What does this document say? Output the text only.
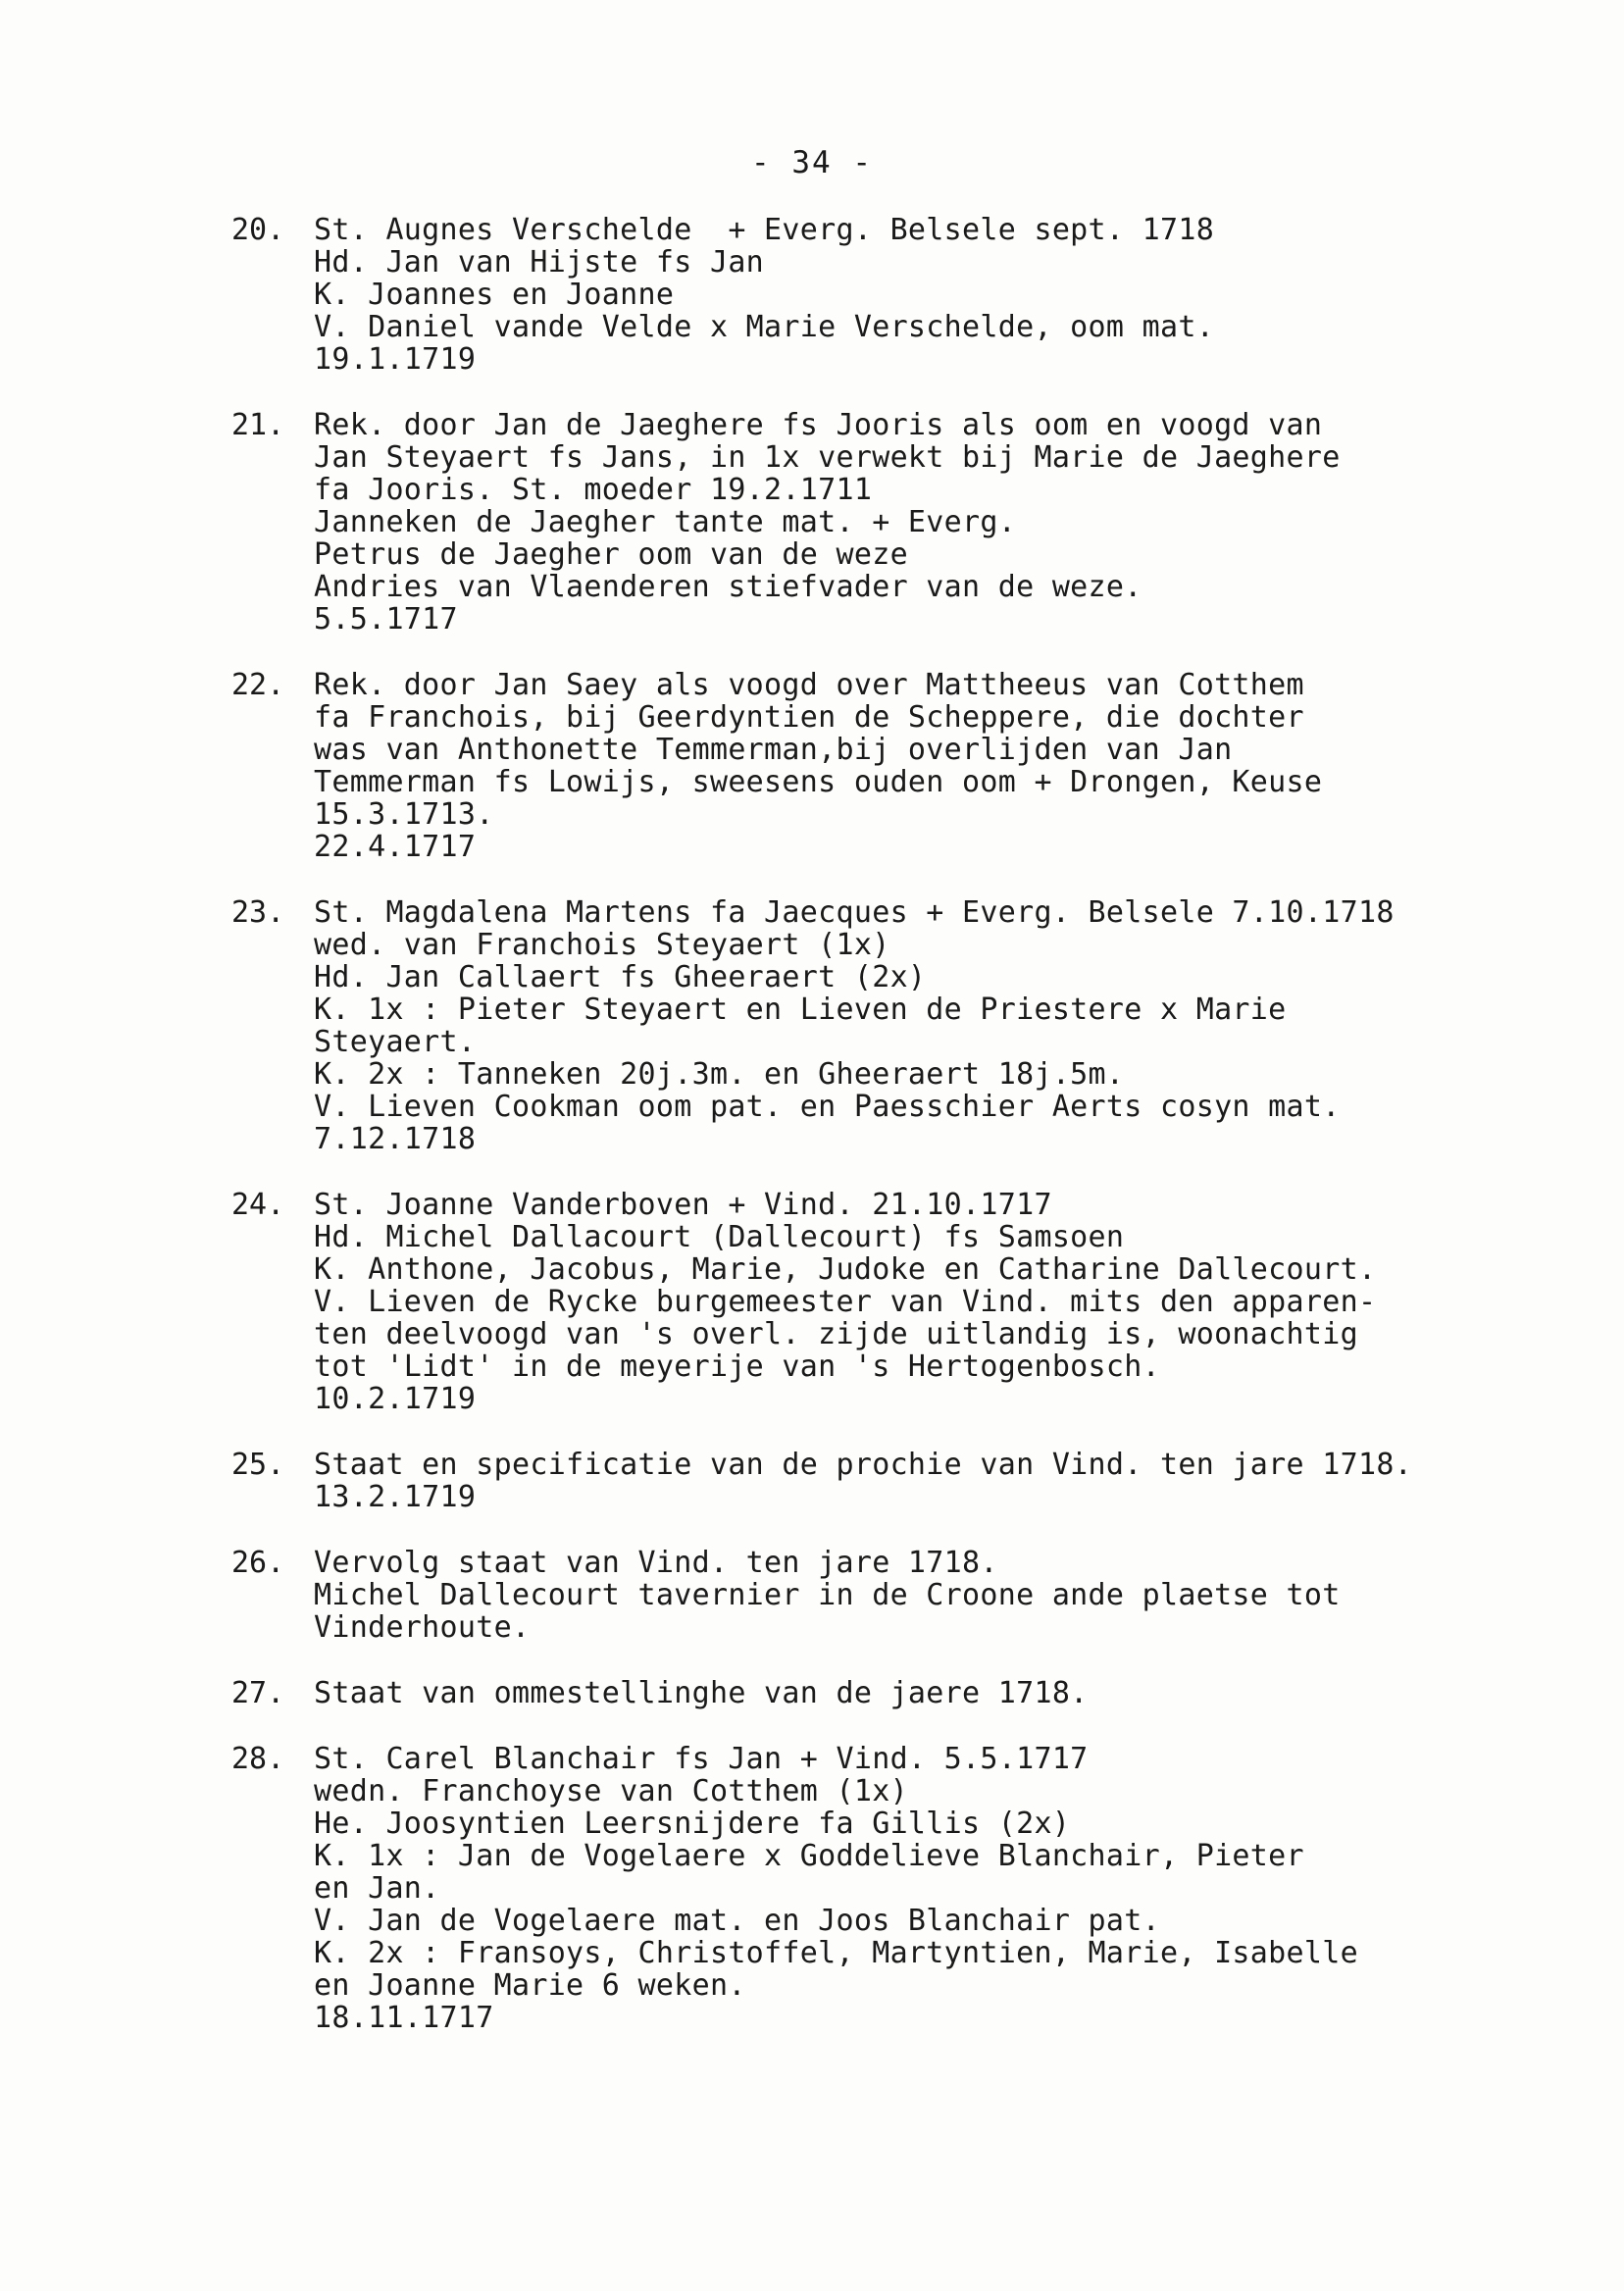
- 34 -
20. St. Augnes Verschelde  + Everg. Belsele sept. 1718
Hd. Jan van Hijste fs Jan
K. Joannes en Joanne
V. Daniel vande Velde x Marie Verschelde, oom mat.
19.1.1719
21. Rek. door Jan de Jaeghere fs Jooris als oom en voogd van
Jan Steyaert fs Jans, in 1x verwekt bij Marie de Jaeghere
fa Jooris. St. moeder 19.2.1711
Janneken de Jaegher tante mat. + Everg.
Petrus de Jaegher oom van de weze
Andries van Vlaenderen stiefvader van de weze.
5.5.1717
22. Rek. door Jan Saey als voogd over Mattheeus van Cotthem
fa Franchois, bij Geerdyntien de Scheppere, die dochter
was van Anthonette Temmerman,bij overlijden van Jan
Temmerman fs Lowijs, sweesens ouden oom + Drongen, Keuse
15.3.1713.
22.4.1717
23. St. Magdalena Martens fa Jaecques + Everg. Belsele 7.10.1718
wed. van Franchois Steyaert (1x)
Hd. Jan Callaert fs Gheeraert (2x)
K. 1x : Pieter Steyaert en Lieven de Priestere x Marie
Steyaert.
K. 2x : Tanneken 20j.3m. en Gheeraert 18j.5m.
V. Lieven Cookman oom pat. en Paesschier Aerts cosyn mat.
7.12.1718
24. St. Joanne Vanderboven + Vind. 21.10.1717
Hd. Michel Dallacourt (Dallecourt) fs Samsoen
K. Anthone, Jacobus, Marie, Judoke en Catharine Dallecourt.
V. Lieven de Rycke burgemeester van Vind. mits den apparen-
ten deelvoogd van 's overl. zijde uitlandig is, woonachtig
tot 'Lidt' in de meyerije van 's Hertogenbosch.
10.2.1719
25. Staat en specificatie van de prochie van Vind. ten jare 1718.
13.2.1719
26. Vervolg staat van Vind. ten jare 1718.
Michel Dallecourt tavernier in de Croone ande plaetse tot
Vinderhoute.
27. Staat van ommestellinghe van de jaere 1718.
28. St. Carel Blanchair fs Jan + Vind. 5.5.1717
wedn. Franchoyse van Cotthem (1x)
He. Joosyntien Leersnijdere fa Gillis (2x)
K. 1x : Jan de Vogelaere x Goddelieve Blanchair, Pieter
en Jan.
V. Jan de Vogelaere mat. en Joos Blanchair pat.
K. 2x : Fransoys, Christoffel, Martyntien, Marie, Isabelle
en Joanne Marie 6 weken.
18.11.1717
